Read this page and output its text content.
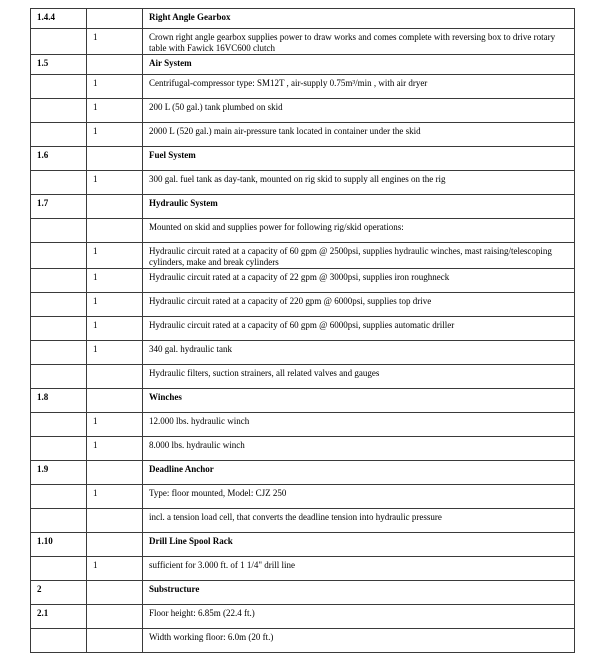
1.4.4		Right Angle Gearbox
	1	Crown right angle gearbox supplies power to draw works and comes complete with reversing box to drive rotary table with Fawick 16VC600 clutch
1.5		Air System
	1	Centrifugal-compressor type: SM12T , air-supply 0.75m³/min , with air dryer
	1	200 L (50 gal.) tank plumbed on skid
	1	2000 L (520 gal.) main air-pressure tank located in container under the skid
1.6		Fuel System
	1	300 gal. fuel tank as day-tank, mounted on rig skid to supply all engines on the rig
1.7		Hydraulic System
		Mounted on skid and supplies power for following rig/skid operations:
	1	Hydraulic circuit rated at a capacity of 60 gpm @ 2500psi, supplies hydraulic winches, mast raising/telescoping cylinders, make and break cylinders
	1	Hydraulic circuit rated at a capacity of 22 gpm @ 3000psi, supplies iron roughneck
	1	Hydraulic circuit rated at a capacity of 220 gpm @ 6000psi, supplies top drive
	1	Hydraulic circuit rated at a capacity of 60 gpm @ 6000psi, supplies automatic driller
	1	340 gal. hydraulic tank
		Hydraulic filters, suction strainers, all related valves and gauges
1.8		Winches
	1	12.000 lbs. hydraulic winch
	1	8.000 lbs. hydraulic winch
1.9		Deadline Anchor
	1	Type: floor mounted, Model: CJZ 250
		incl. a tension load cell, that converts the deadline tension into hydraulic pressure
1.10		Drill Line Spool Rack
	1	sufficient for 3.000 ft. of 1 1/4" drill line
2		Substructure
2.1		Floor height: 6.85m (22.4 ft.)
		Width working floor: 6.0m (20 ft.)
